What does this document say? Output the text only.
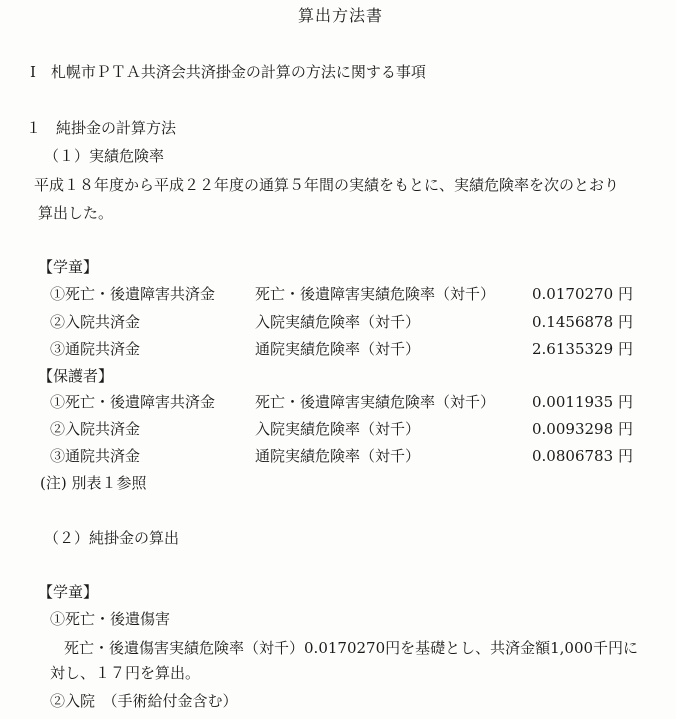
算出方法書
Ⅰ　札幌市ＰＴＡ共済会共済掛金の計算の方法に関する事項
１　純掛金の計算方法
（１）実績危険率
平成１８年度から平成２２年度の通算５年間の実績をもとに、実績危険率を次のとおり
算出した。
【学童】
①死亡・後遺障害共済金	死亡・後遺障害実績危険率（対千） 0.0170270 円
②入院共済金	入院実績危険率（対千）	0.1456878 円
③通院共済金	通院実績危険率（対千）	2.6135329 円
【保護者】
①死亡・後遺障害共済金	死亡・後遺障害実績危険率（対千） 0.0011935 円
②入院共済金	入院実績危険率（対千）	0.0093298 円
③通院共済金	通院実績危険率（対千）	0.0806783 円
(注) 別表１参照
（２）純掛金の算出
【学童】
①死亡・後遺傷害
死亡・後遺傷害実績危険率（対千）0.0170270円を基礎とし、共済金額1,000千円に
対し、１７円を算出。
②入院　（手術給付金含む）
